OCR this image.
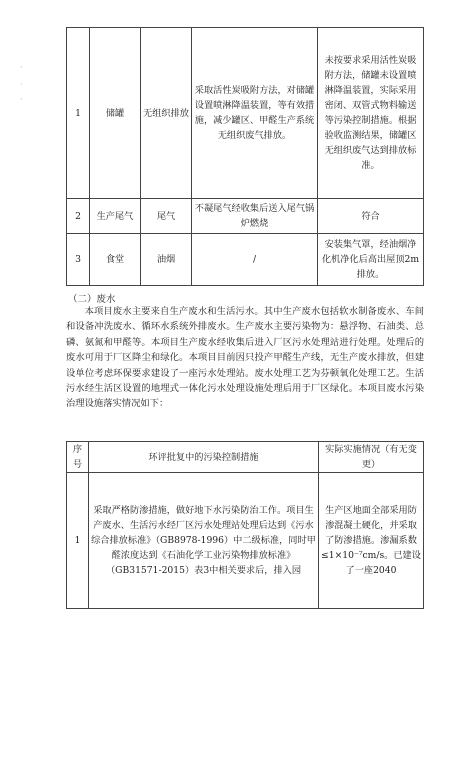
·
·
·
1	储罐	无组织排放	采取活性炭吸附方法，对储罐设置喷淋降温装置，等有效措施，减少罐区、甲醛生产系统无组织废气排放。	未按要求采用活性炭吸附方法，储罐未设置喷淋降温装置，实际采用密闭、双管式物料输送等污染控制措施。根据验收监测结果，储罐区无组织废气达到排放标准。
2	生产尾气	尾气	不凝尾气经收集后送入尾气锅炉燃烧	符合
3	食堂	油烟	/	安装集气罩，经油烟净化机净化后高出屋顶2m排放。
（二）废水

本项目废水主要来自生产废水和生活污水。其中生产废水包括软水制备废水、车间和设备冲洗废水、循环水系统外排废水。生产废水主要污染物为：悬浮物、石油类、总磷、氨氮和甲醛等。本项目生产废水经收集后进入厂区污水处理站进行处理。处理后的废水可用于厂区降尘和绿化。本项目目前因只投产甲醛生产线，无生产废水排放，但建设单位考虑环保要求建设了一座污水处理站。废水处理工艺为芬顿氧化处理工艺。生活污水经生活区设置的地埋式一体化污水处理设施处理后用于厂区绿化。本项目废水污染治理设施落实情况如下：

序号	环评批复中的污染控制措施	实际实施情况（有无变更）
1	采取严格防渗措施，做好地下水污染防治工作。项目生产废水、生活污水经厂区污水处理站处理后达到《污水综合排放标准》（GB8978-1996）中二级标准，同时甲醛浓度达到《石油化学工业污染物排放标准》（GB31571-2015）表3中相关要求后，排入园	生产区地面全部采用防渗混凝土硬化，并采取了防渗措施。渗漏系数≤1×10⁻⁷cm/s。已建设了一座2040
